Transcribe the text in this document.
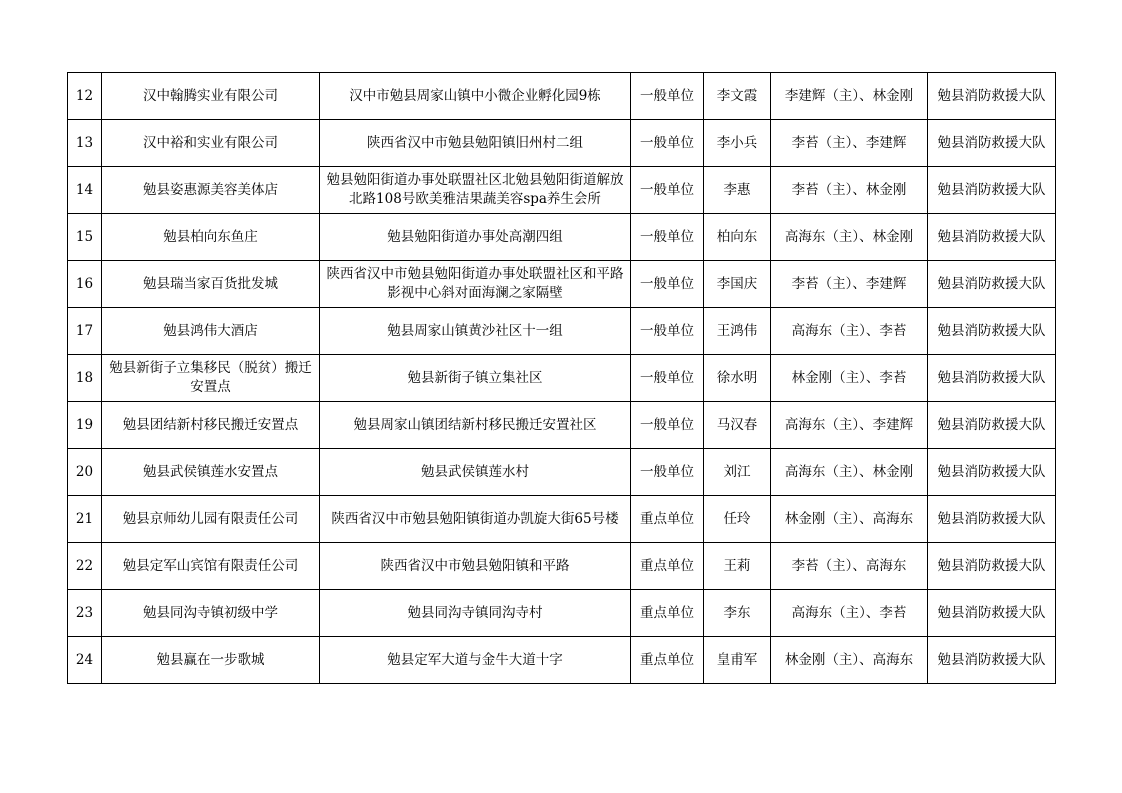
12	汉中翰腾实业有限公司	汉中市勉县周家山镇中小微企业孵化园9栋	一般单位	李文霞	李建辉（主）、林金刚	勉县消防救援大队
13	汉中裕和实业有限公司	陕西省汉中市勉县勉阳镇旧州村二组	一般单位	李小兵	李苔（主）、李建辉	勉县消防救援大队
14	勉县姿惠源美容美体店	勉县勉阳街道办事处联盟社区北勉县勉阳街道解放北路108号欧美雅洁果蔬美容spa养生会所	一般单位	李惠	李苔（主）、林金刚	勉县消防救援大队
15	勉县柏向东鱼庄	勉县勉阳街道办事处高潮四组	一般单位	柏向东	高海东（主）、林金刚	勉县消防救援大队
16	勉县瑞当家百货批发城	陕西省汉中市勉县勉阳街道办事处联盟社区和平路影视中心斜对面海澜之家隔壁	一般单位	李国庆	李苔（主）、李建辉	勉县消防救援大队
17	勉县鸿伟大酒店	勉县周家山镇黄沙社区十一组	一般单位	王鸿伟	高海东（主）、李苔	勉县消防救援大队
18	勉县新街子立集移民（脱贫）搬迁安置点	勉县新街子镇立集社区	一般单位	徐水明	林金刚（主）、李苔	勉县消防救援大队
19	勉县团结新村移民搬迁安置点	勉县周家山镇团结新村移民搬迁安置社区	一般单位	马汉春	高海东（主）、李建辉	勉县消防救援大队
20	勉县武侯镇莲水安置点	勉县武侯镇莲水村	一般单位	刘江	高海东（主）、林金刚	勉县消防救援大队
21	勉县京师幼儿园有限责任公司	陕西省汉中市勉县勉阳镇街道办凯旋大街65号楼	重点单位	任玲	林金刚（主）、高海东	勉县消防救援大队
22	勉县定军山宾馆有限责任公司	陕西省汉中市勉县勉阳镇和平路	重点单位	王莉	李苔（主）、高海东	勉县消防救援大队
23	勉县同沟寺镇初级中学	勉县同沟寺镇同沟寺村	重点单位	李东	高海东（主）、李苔	勉县消防救援大队
24	勉县赢在一步歌城	勉县定军大道与金牛大道十字	重点单位	皇甫军	林金刚（主）、高海东	勉县消防救援大队
